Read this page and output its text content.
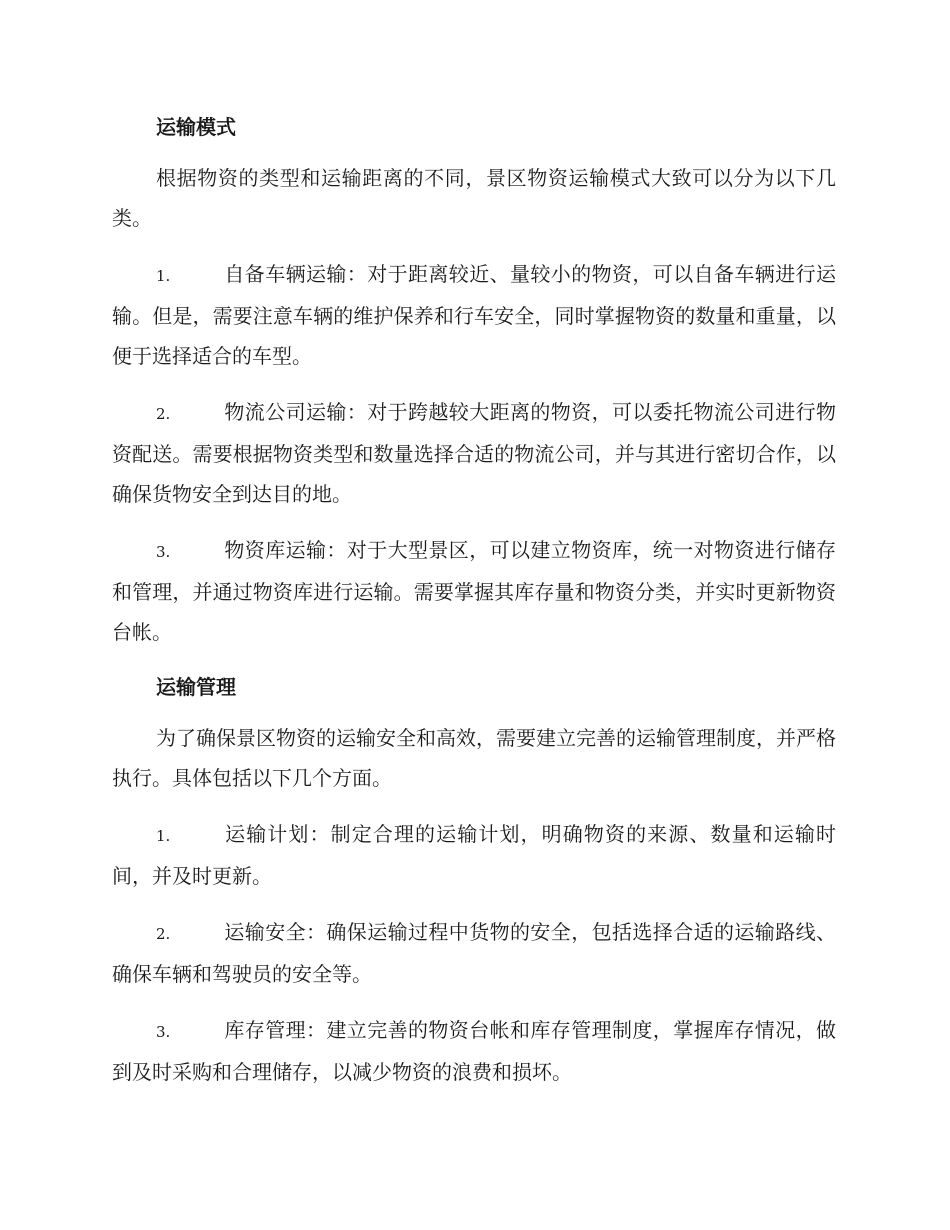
运输模式

根据物资的类型和运输距离的不同，景区物资运输模式大致可以分为以下几类。

1.	自备车辆运输：对于距离较近、量较小的物资，可以自备车辆进行运输。但是，需要注意车辆的维护保养和行车安全，同时掌握物资的数量和重量，以便于选择适合的车型。

2.	物流公司运输：对于跨越较大距离的物资，可以委托物流公司进行物资配送。需要根据物资类型和数量选择合适的物流公司，并与其进行密切合作，以确保货物安全到达目的地。

3.	物资库运输：对于大型景区，可以建立物资库，统一对物资进行储存和管理，并通过物资库进行运输。需要掌握其库存量和物资分类，并实时更新物资台帐。

运输管理

为了确保景区物资的运输安全和高效，需要建立完善的运输管理制度，并严格执行。具体包括以下几个方面。

1.	运输计划：制定合理的运输计划，明确物资的来源、数量和运输时间，并及时更新。

2.	运输安全：确保运输过程中货物的安全，包括选择合适的运输路线、确保车辆和驾驶员的安全等。

3.	库存管理：建立完善的物资台帐和库存管理制度，掌握库存情况，做到及时采购和合理储存，以减少物资的浪费和损坏。
